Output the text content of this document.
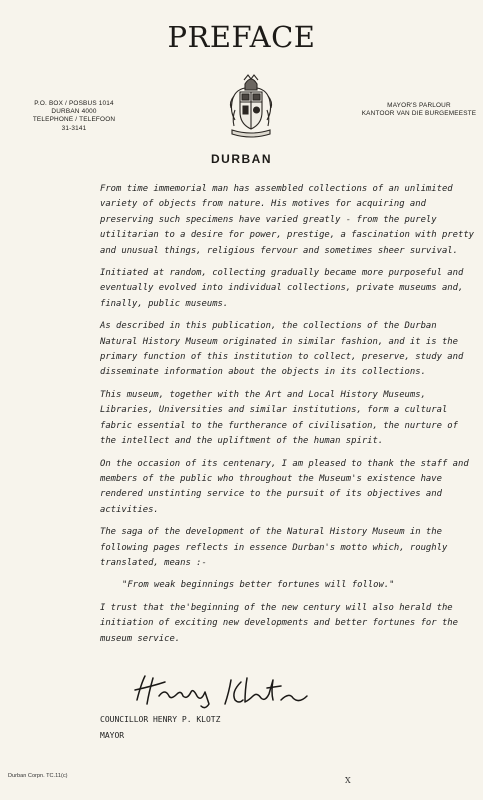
PREFACE
P.O. BOX / POSBUS 1014
DURBAN 4000
TELEPHONE / TELEFOON
31-3141
MAYOR'S PARLOUR
KANTOOR VAN DIE BURGEMEESTE
DURBAN

From time immemorial man has assembled collections of an unlimited variety of objects from nature. His motives for acquiring and preserving such specimens have varied greatly - from the purely utilitarian to a desire for power, prestige, a fascination with pretty and unusual things, religious fervour and sometimes sheer survival.

Initiated at random, collecting gradually became more purposeful and eventually evolved into individual collections, private museums and, finally, public museums.

As described in this publication, the collections of the Durban Natural History Museum originated in similar fashion, and it is the primary function of this institution to collect, preserve, study and disseminate information about the objects in its collections.

This museum, together with the Art and Local History Museums, Libraries, Universities and similar institutions, form a cultural fabric essential to the furtherance of civilisation, the nurture of the intellect and the upliftment of the human spirit.

On the occasion of its centenary, I am pleased to thank the staff and members of the public who throughout the Museum's existence have rendered unstinting service to the pursuit of its objectives and activities.

The saga of the development of the Natural History Museum in the following pages reflects in essence Durban's motto which, roughly translated, means :-

"From weak beginnings better fortunes will follow."

I trust that the'beginning of the new century will also herald the initiation of exciting new developments and better fortunes for the museum service.

COUNCILLOR HENRY P. KLOTZ
MAYOR
Durban Corpn. TC.11(c)	X
